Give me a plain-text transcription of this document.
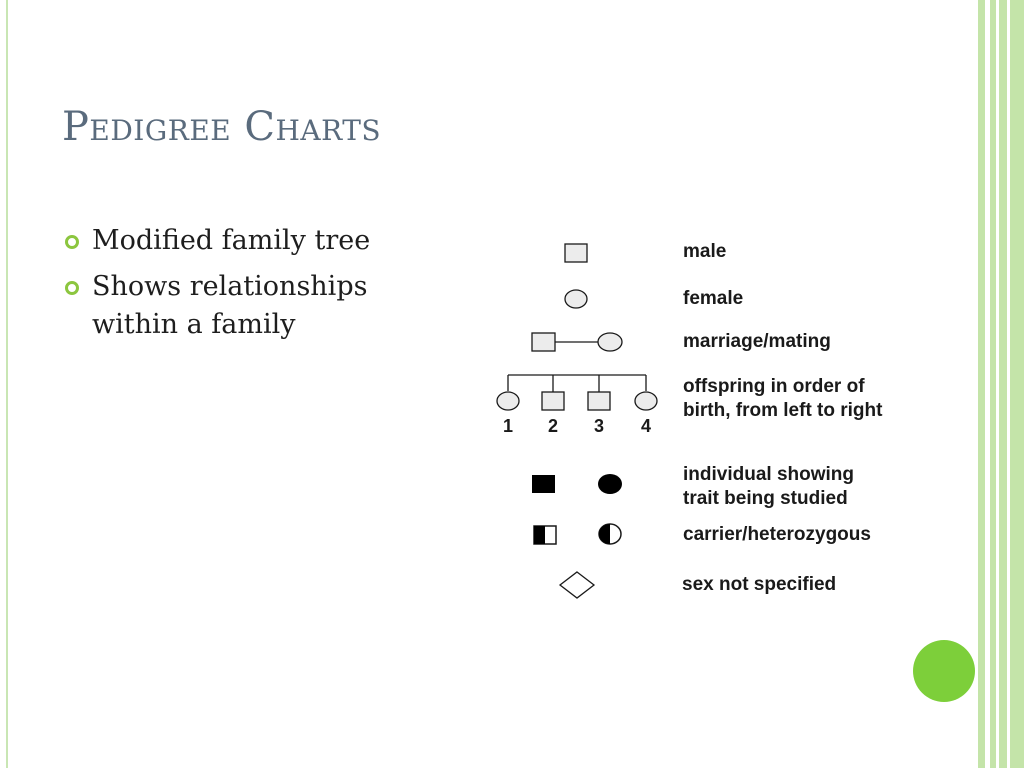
Pedigree Charts
Modified family tree
Shows relationships within a family
male
female
marriage/mating
1 2 3 4
offspring in order of
birth, from left to right
individual showing
trait being studied
carrier/heterozygous
sex not specified
